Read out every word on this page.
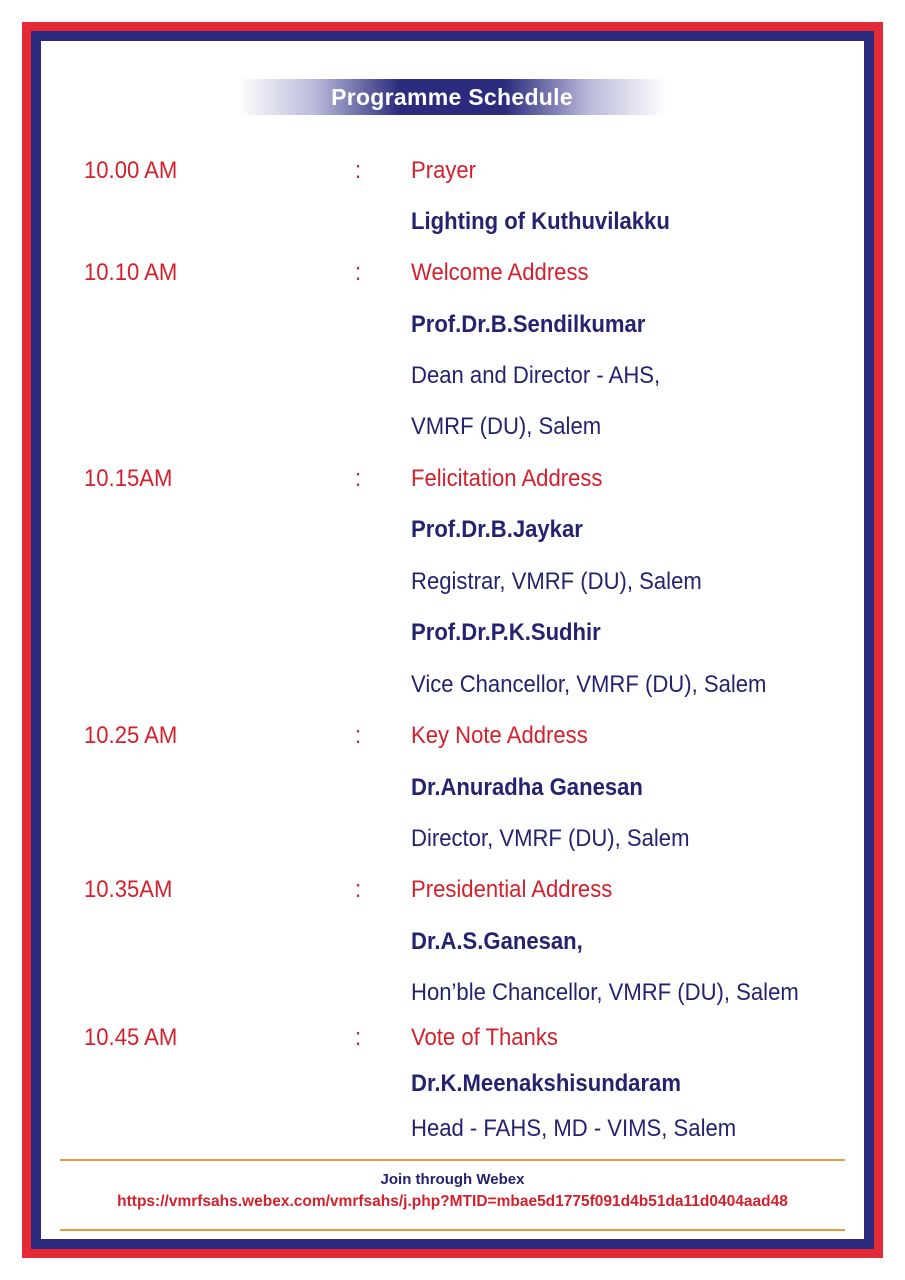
Programme Schedule
10.00 AM	: Prayer
Lighting of Kuthuvilakku
10.10 AM	: Welcome Address
Prof.Dr.B.Sendilkumar
Dean and Director - AHS,
VMRF (DU), Salem
10.15AM	: Felicitation Address
Prof.Dr.B.Jaykar
Registrar, VMRF (DU), Salem
Prof.Dr.P.K.Sudhir
Vice Chancellor, VMRF (DU), Salem
10.25 AM	: Key Note Address
Dr.Anuradha Ganesan
Director, VMRF (DU), Salem
10.35AM	: Presidential Address
Dr.A.S.Ganesan,
Hon’ble Chancellor, VMRF (DU), Salem
10.45 AM	: Vote of Thanks
Dr.K.Meenakshisundaram
Head - FAHS, MD - VIMS, Salem
Join through Webex
https://vmrfsahs.webex.com/vmrfsahs/j.php?MTID=mbae5d1775f091d4b51da11d0404aad48
